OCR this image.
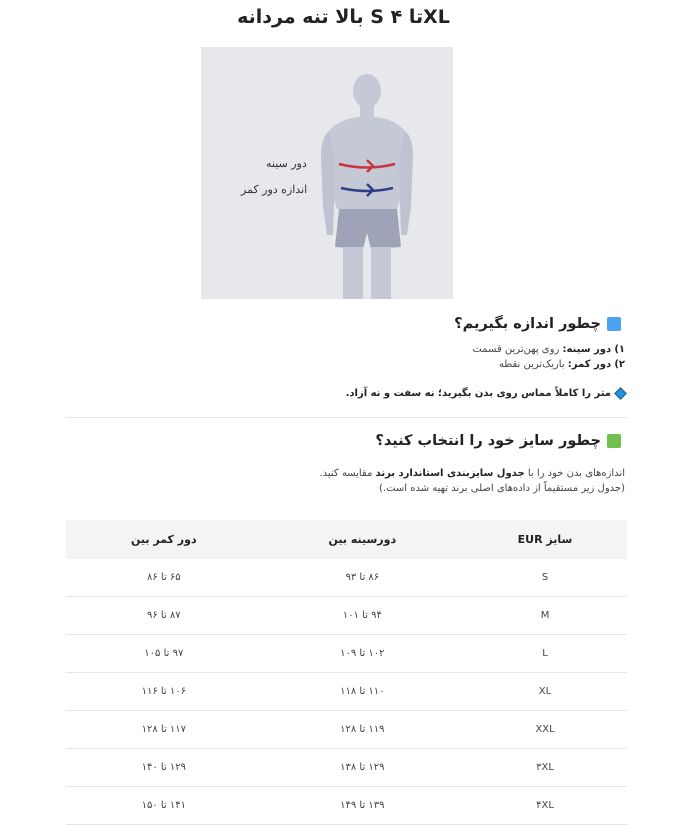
بالا تنه مردانه S تا ۴XL
دور سینه
اندازه دور کمر
چطور اندازه بگیریم؟
۱) دور سینه: روی پهن‌ترین قسمت
۲) دور کمر: باریک‌ترین نقطه
متر را کاملاً مماس روی بدن بگیرید؛ نه سفت و نه آزاد.
چطور سایز خود را انتخاب کنید؟
اندازه‌های بدن خود را با جدول سایزبندی استاندارد برند مقایسه کنید.
(جدول زیر مستقیماً از داده‌های اصلی برند تهیه شده است.)
سایز EUR	دورسینه بین	دور کمر بین
S	۸۶ تا ۹۳	۶۵ تا ۸۶
M	۹۴ تا ۱۰۱	۸۷ تا ۹۶
L	۱۰۲ تا ۱۰۹	۹۷ تا ۱۰۵
XL	۱۱۰ تا ۱۱۸	۱۰۶ تا ۱۱۶
XXL	۱۱۹ تا ۱۲۸	۱۱۷ تا ۱۲۸
۳XL	۱۲۹ تا ۱۳۸	۱۲۹ تا ۱۴۰
۴XL	۱۳۹ تا ۱۴۹	۱۴۱ تا ۱۵۰
